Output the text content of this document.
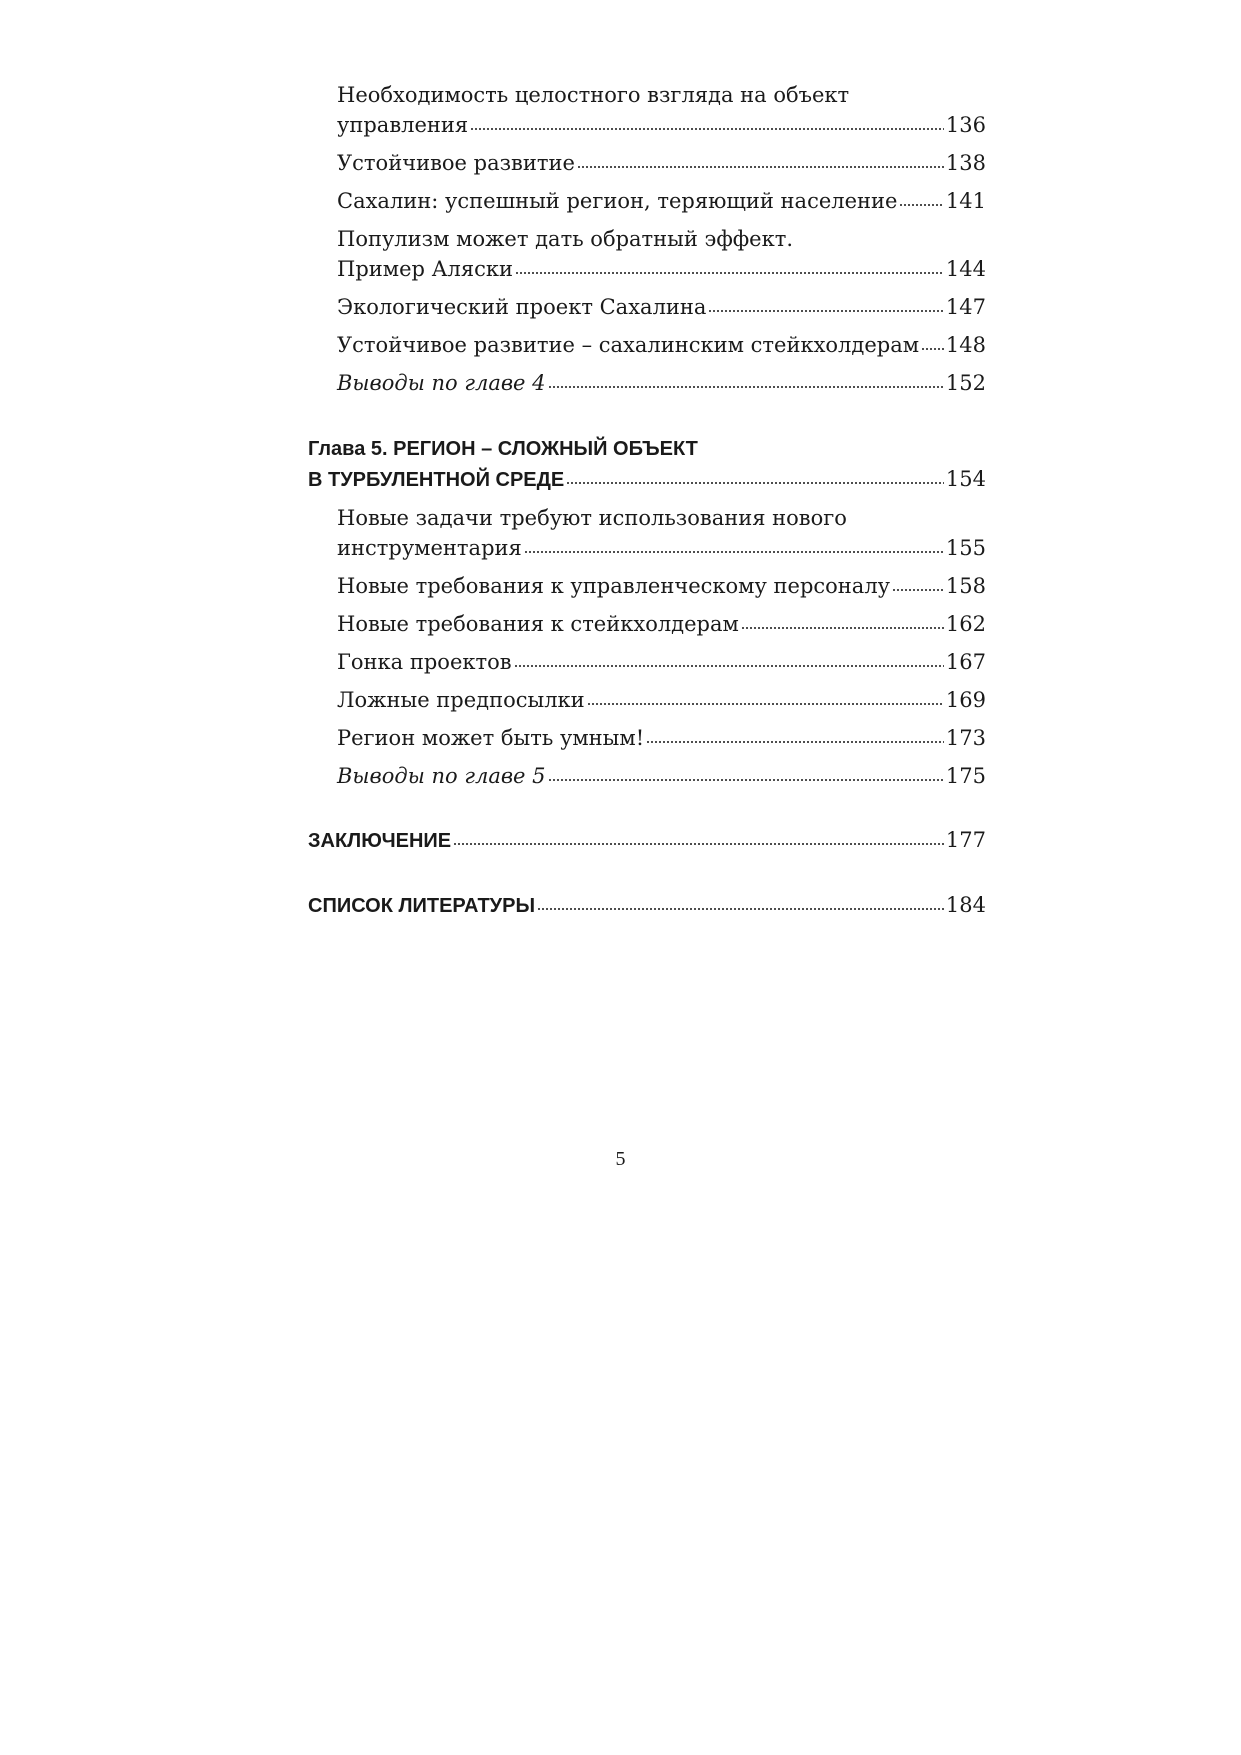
Необходимость целостного взгляда на объект
управления	136
Устойчивое развитие	138
Сахалин: успешный регион, теряющий население 141
Популизм может дать обратный эффект.
Пример Аляски	144
Экологический проект Сахалина	147
Устойчивое развитие – сахалинским стейкхолдерам 148
Выводы по главе 4	152
Глава 5. РЕГИОН – СЛОЖНЫЙ ОБЪЕКТ
В ТУРБУЛЕНТНОЙ СРЕДЕ	154
Новые задачи требуют использования нового
инструментария	155
Новые требования к управленческому персоналу	158
Новые требования к стейкхолдерам	162
Гонка проектов	167
Ложные предпосылки	169
Регион может быть умным!	173
Выводы по главе 5	175
ЗАКЛЮЧЕНИЕ	177
СПИСОК ЛИТЕРАТУРЫ	184
5
